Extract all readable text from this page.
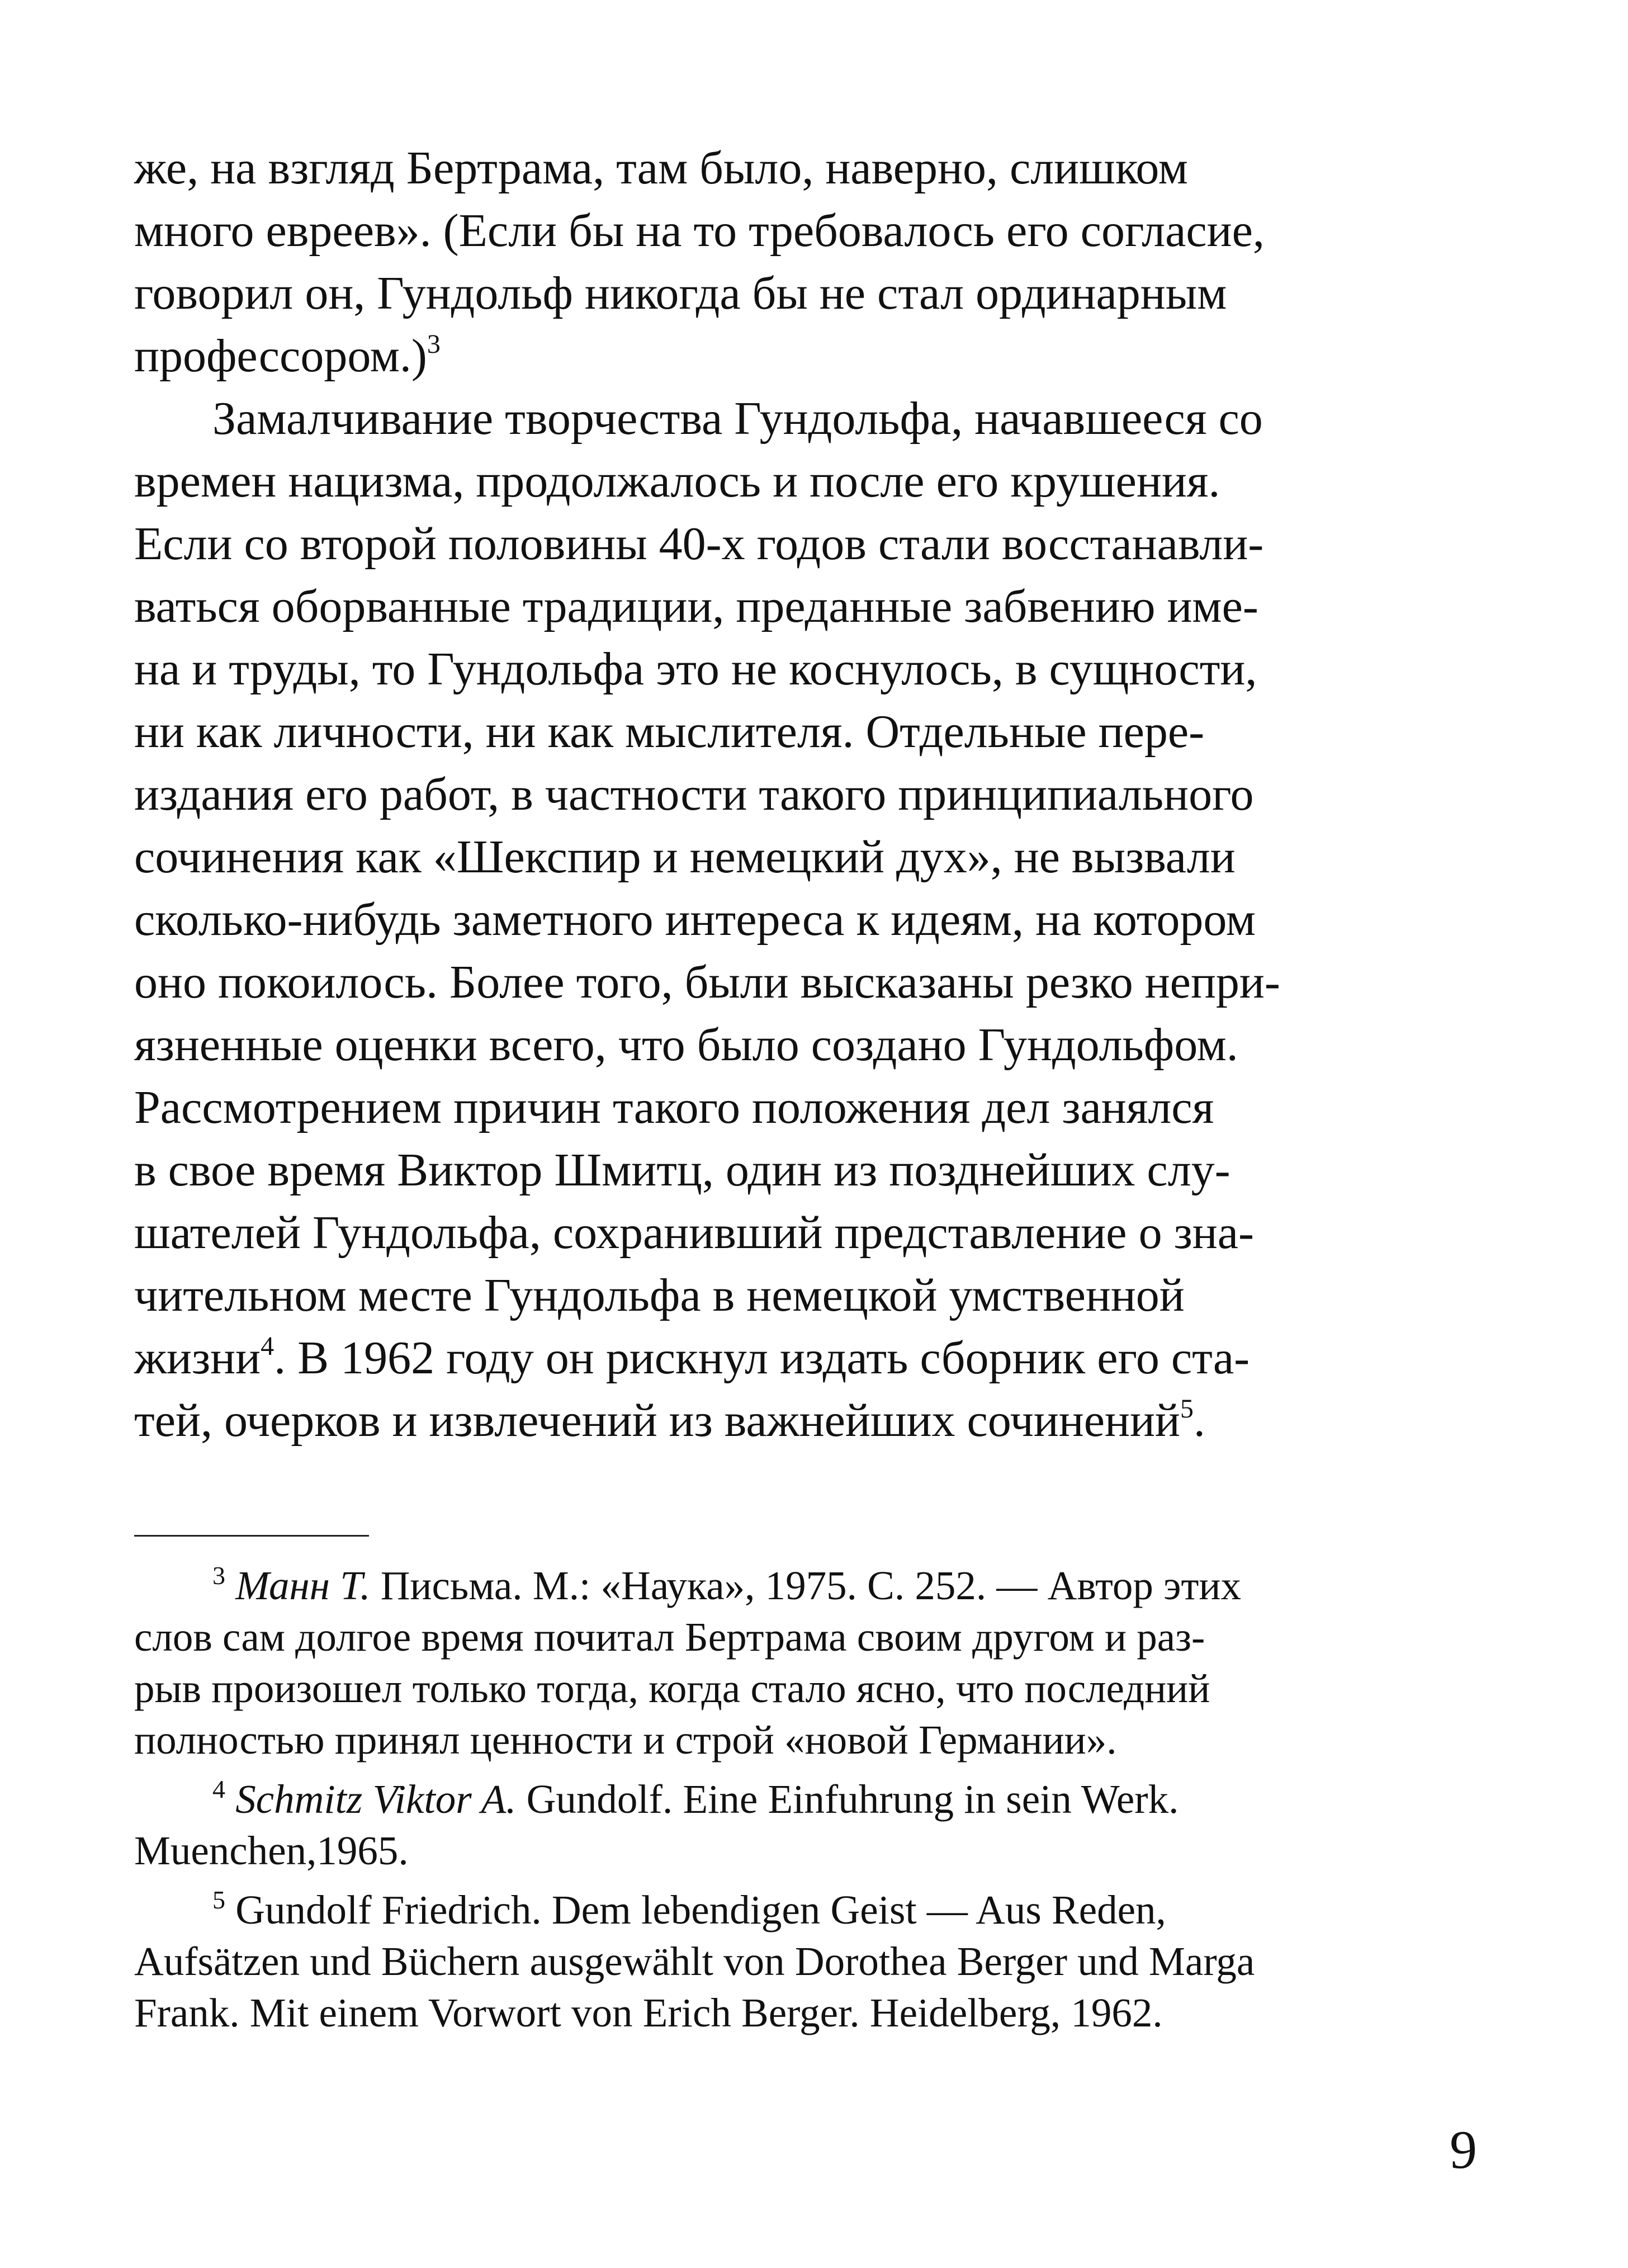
же, на взгляд Бертрама, там было, наверно, слишком
много евреев». (Если бы на то требовалось его согласие,
говорил он, Гундольф никогда бы не стал ординарным
профессором.)$^3$
Замалчивание творчества Гундольфа, начавшееся со
времен нацизма, продолжалось и после его крушения.
Если со второй половины 40-х годов стали восстанавли-
ваться оборванные традиции, преданные забвению име-
на и труды, то Гундольфа это не коснулось, в сущности,
ни как личности, ни как мыслителя. Отдельные пере-
издания его работ, в частности такого принципиального
сочинения как «Шекспир и немецкий дух», не вызвали
сколько-нибудь заметного интереса к идеям, на котором
оно покоилось. Более того, были высказаны резко непри-
язненные оценки всего, что было создано Гундольфом.
Рассмотрением причин такого положения дел занялся
в свое время Виктор Шмитц, один из позднейших слу-
шателей Гундольфа, сохранивший представление о зна-
чительном месте Гундольфа в немецкой умственной
жизни$^4$. В 1962 году он рискнул издать сборник его ста-
тей, очерков и извлечений из важнейших сочинений$^5$.
$^3$ Манн Т. Письма. М.: «Наука», 1975. С. 252. — Автор этих
слов сам долгое время почитал Бертрама своим другом и раз-
рыв произошел только тогда, когда стало ясно, что последний
полностью принял ценности и строй «новой Германии».
$^4$ Schmitz Viktor A. Gundolf. Eine Einfuhrung in sein Werk.
Muenchen,1965.
$^5$ Gundolf Friedrich. Dem lebendigen Geist — Aus Reden,
Aufsätzen und Büchern ausgewählt von Dorothea Berger und Marga
Frank. Mit einem Vorwort von Erich Berger. Heidelberg, 1962.
9
